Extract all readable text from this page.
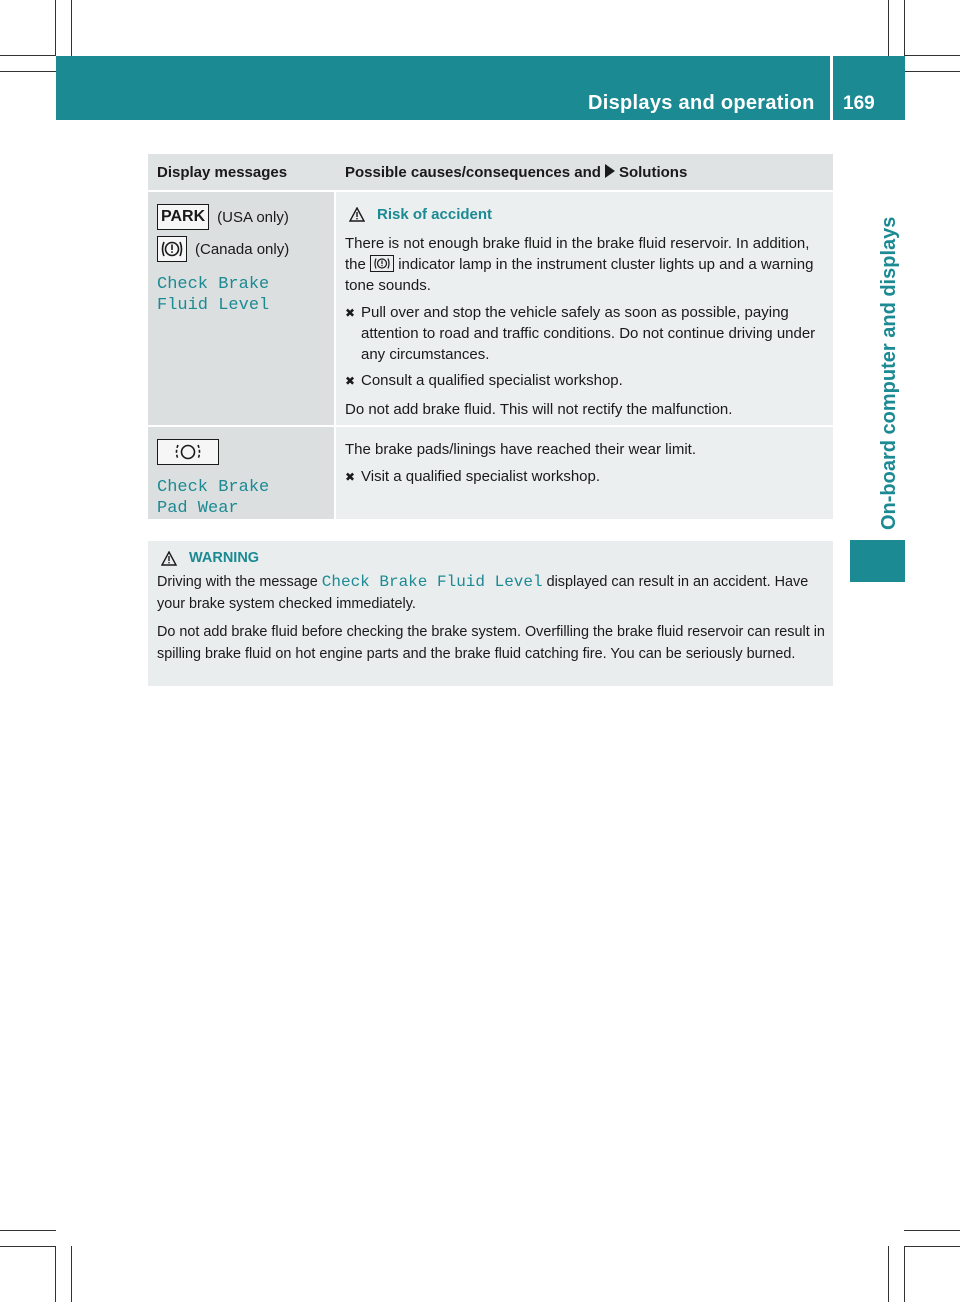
Displays and operation 169
On-board computer and displays
Display messages	Possible causes/consequences and Solutions
PARK (USA only)
(Canada only)
Check Brake Fluid Level
Risk of accident
There is not enough brake fluid in the brake fluid reservoir. In addition, the indicator lamp in the instrument cluster lights up and a warning tone sounds.
✖ Pull over and stop the vehicle safely as soon as possible, paying attention to road and traffic conditions. Do not continue driving under any circumstances.
✖ Consult a qualified specialist workshop.
Do not add brake fluid. This will not rectify the malfunction.
Check Brake Pad Wear
The brake pads/linings have reached their wear limit.
✖ Visit a qualified specialist workshop.
WARNING
Driving with the message Check Brake Fluid Level displayed can result in an accident. Have your brake system checked immediately.
Do not add brake fluid before checking the brake system. Overfilling the brake fluid reservoir can result in spilling brake fluid on hot engine parts and the brake fluid catching fire. You can be seriously burned.
